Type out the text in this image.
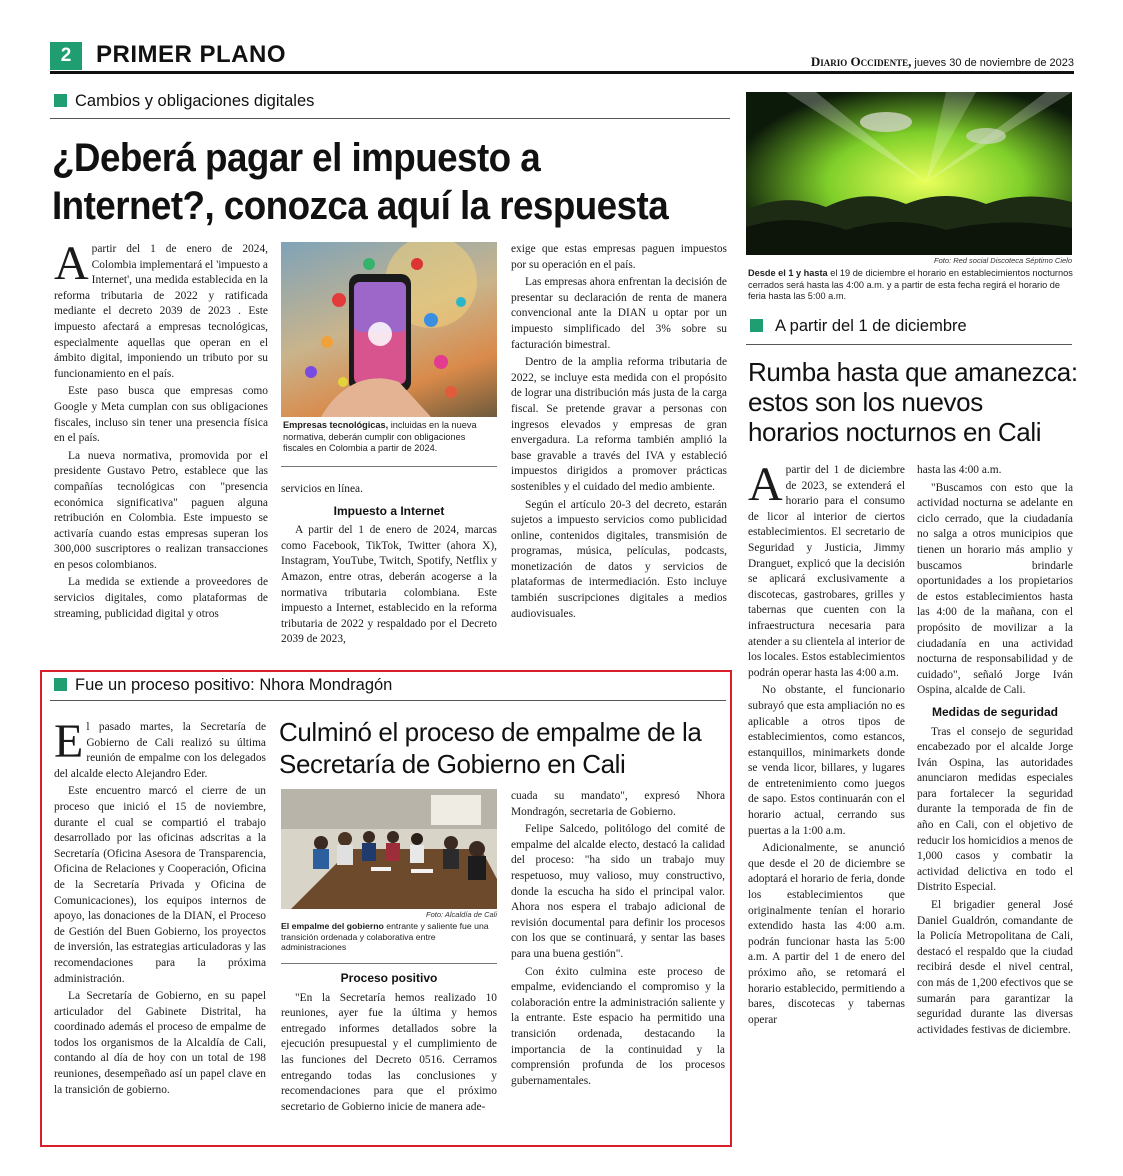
2	PRIMER PLANO	Diario Occidente, jueves 30 de noviembre de 2023
Cambios y obligaciones digitales
¿Deberá pagar el impuesto a Internet?, conozca aquí la respuesta

Apartir del 1 de enero de 2024, Colombia implementará el 'impuesto a Internet', una medida establecida en la reforma tributaria de 2022 y ratificada mediante el decreto 2039 de 2023 . Este impuesto afectará a empresas tecnológicas, especialmente aquellas que operan en el ámbito digital, imponiendo un tributo por su funcionamiento en el país.

Este paso busca que empresas como Google y Meta cumplan con sus obligaciones fiscales, incluso sin tener una presencia física en el país.

La nueva normativa, promovida por el presidente Gustavo Petro, establece que las compañías tecnológicas con "presencia económica significativa" paguen alguna retribución en Colombia. Este impuesto se activaría cuando estas empresas superan los 300,000 suscriptores o realizan transacciones en pesos colombianos.

La medida se extiende a proveedores de servicios digitales, como plataformas de streaming, publicidad digital y otros

Empresas tecnológicas, incluidas en la nueva normativa, deberán cumplir con obligaciones fiscales en Colombia a partir de 2024.

servicios en línea.

Impuesto a Internet

A partir del 1 de enero de 2024, marcas como Facebook, TikTok, Twitter (ahora X), Instagram, YouTube, Twitch, Spotify, Netflix y Amazon, entre otras, deberán acogerse a la normativa tributaria colombiana. Este impuesto a Internet, establecido en la reforma tributaria de 2022 y respaldado por el Decreto 2039 de 2023,

exige que estas empresas paguen impuestos por su operación en el país.

Las empresas ahora enfrentan la decisión de presentar su declaración de renta de manera convencional ante la DIAN u optar por un impuesto simplificado del 3% sobre su facturación bimestral.

Dentro de la amplia reforma tributaria de 2022, se incluye esta medida con el propósito de lograr una distribución más justa de la carga fiscal. Se pretende gravar a personas con ingresos elevados y empresas de gran envergadura. La reforma también amplió la base gravable a través del IVA y estableció impuestos dirigidos a promover prácticas sostenibles y el cuidado del medio ambiente.

Según el artículo 20-3 del decreto, estarán sujetos a impuesto servicios como publicidad online, contenidos digitales, transmisión de programas, música, películas, podcasts, monetización de datos y servicios de plataformas de intermediación. Esto incluye también suscripciones digitales a medios audiovisuales.

Foto: Red social Discoteca Séptimo Cielo
Desde el 1 y hasta el 19 de diciembre el horario en establecimientos nocturnos cerrados será hasta las 4:00 a.m. y a partir de esta fecha regirá el horario de feria hasta las 5:00 a.m.
A partir del 1 de diciembre
Rumba hasta que amanezca: estos son los nuevos horarios nocturnos en Cali

Apartir del 1 de diciembre de 2023, se extenderá el horario para el consumo de licor al interior de ciertos establecimientos. El secretario de Seguridad y Justicia, Jimmy Dranguet, explicó que la decisión se aplicará exclusivamente a discotecas, gastrobares, grilles y tabernas que cuenten con la infraestructura necesaria para atender a su clientela al interior de los locales. Estos establecimientos podrán operar hasta las 4:00 a.m.

No obstante, el funcionario subrayó que esta ampliación no es aplicable a otros tipos de establecimientos, como estancos, estanquillos, minimarkets donde se venda licor, billares, y lugares de entretenimiento como juegos de sapo. Estos continuarán con el horario actual, cerrando sus puertas a la 1:00 a.m.

Adicionalmente, se anunció que desde el 20 de diciembre se adoptará el horario de feria, donde los establecimientos que originalmente tenían el horario extendido hasta las 4:00 a.m. podrán funcionar hasta las 5:00 a.m. A partir del 1 de enero del próximo año, se retomará el horario establecido, permitiendo a bares, discotecas y tabernas operar

hasta las 4:00 a.m.

"Buscamos con esto que la actividad nocturna se adelante en ciclo cerrado, que la ciudadanía no salga a otros municipios que tienen un horario más amplio y buscamos brindarle oportunidades a los propietarios de estos establecimientos hasta las 4:00 de la mañana, con el propósito de movilizar a la ciudadanía en una actividad nocturna de responsabilidad y de cuidado", señaló Jorge Iván Ospina, alcalde de Cali.

Medidas de seguridad

Tras el consejo de seguridad encabezado por el alcalde Jorge Iván Ospina, las autoridades anunciaron medidas especiales para fortalecer la seguridad durante la temporada de fin de año en Cali, con el objetivo de reducir los homicidios a menos de 1,000 casos y combatir la actividad delictiva en todo el Distrito Especial.

El brigadier general José Daniel Gualdrón, comandante de la Policía Metropolitana de Cali, destacó el respaldo que la ciudad recibirá desde el nivel central, con más de 1,200 efectivos que se sumarán para garantizar la seguridad durante las diversas actividades festivas de diciembre.

Fue un proceso positivo: Nhora Mondragón
Culminó el proceso de empalme de la Secretaría de Gobierno en Cali

El pasado martes, la Secretaría de Gobierno de Cali realizó su última reunión de empalme con los delegados del alcalde electo Alejandro Eder.

Este encuentro marcó el cierre de un proceso que inició el 15 de noviembre, durante el cual se compartió el trabajo desarrollado por las oficinas adscritas a la Secretaría (Oficina Asesora de Transparencia, Oficina de Relaciones y Cooperación, Oficina de la Secretaría Privada y Oficina de Comunicaciones), los equipos internos de apoyo, las donaciones de la DIAN, el Proceso de Gestión del Buen Gobierno, los proyectos de inversión, las estrategias articuladoras y las recomendaciones para la próxima administración.

La Secretaría de Gobierno, en su papel articulador del Gabinete Distrital, ha coordinado además el proceso de empalme de todos los organismos de la Alcaldía de Cali, contando al día de hoy con un total de 198 reuniones, desempeñado así un papel clave en la transición de gobierno.

Foto: Alcaldía de Cali
El empalme del gobierno entrante y saliente fue una transición ordenada y colaborativa entre administraciones
Proceso positivo

"En la Secretaría hemos realizado 10 reuniones, ayer fue la última y hemos entregado informes detallados sobre la ejecución presupuestal y el cumplimiento de las funciones del Decreto 0516. Cerramos entregando todas las conclusiones y recomendaciones para que el próximo secretario de Gobierno inicie de manera ade-

cuada su mandato", expresó Nhora Mondragón, secretaria de Gobierno.

Felipe Salcedo, politólogo del comité de empalme del alcalde electo, destacó la calidad del proceso: "ha sido un trabajo muy respetuoso, muy valioso, muy constructivo, donde la escucha ha sido el principal valor. Ahora nos espera el trabajo adicional de revisión documental para definir los procesos con los que se continuará, y sentar las bases para una buena gestión".

Con éxito culmina este proceso de empalme, evidenciando el compromiso y la colaboración entre la administración saliente y la entrante. Este espacio ha permitido una transición ordenada, destacando la importancia de la continuidad y la comprensión profunda de los procesos gubernamentales.
